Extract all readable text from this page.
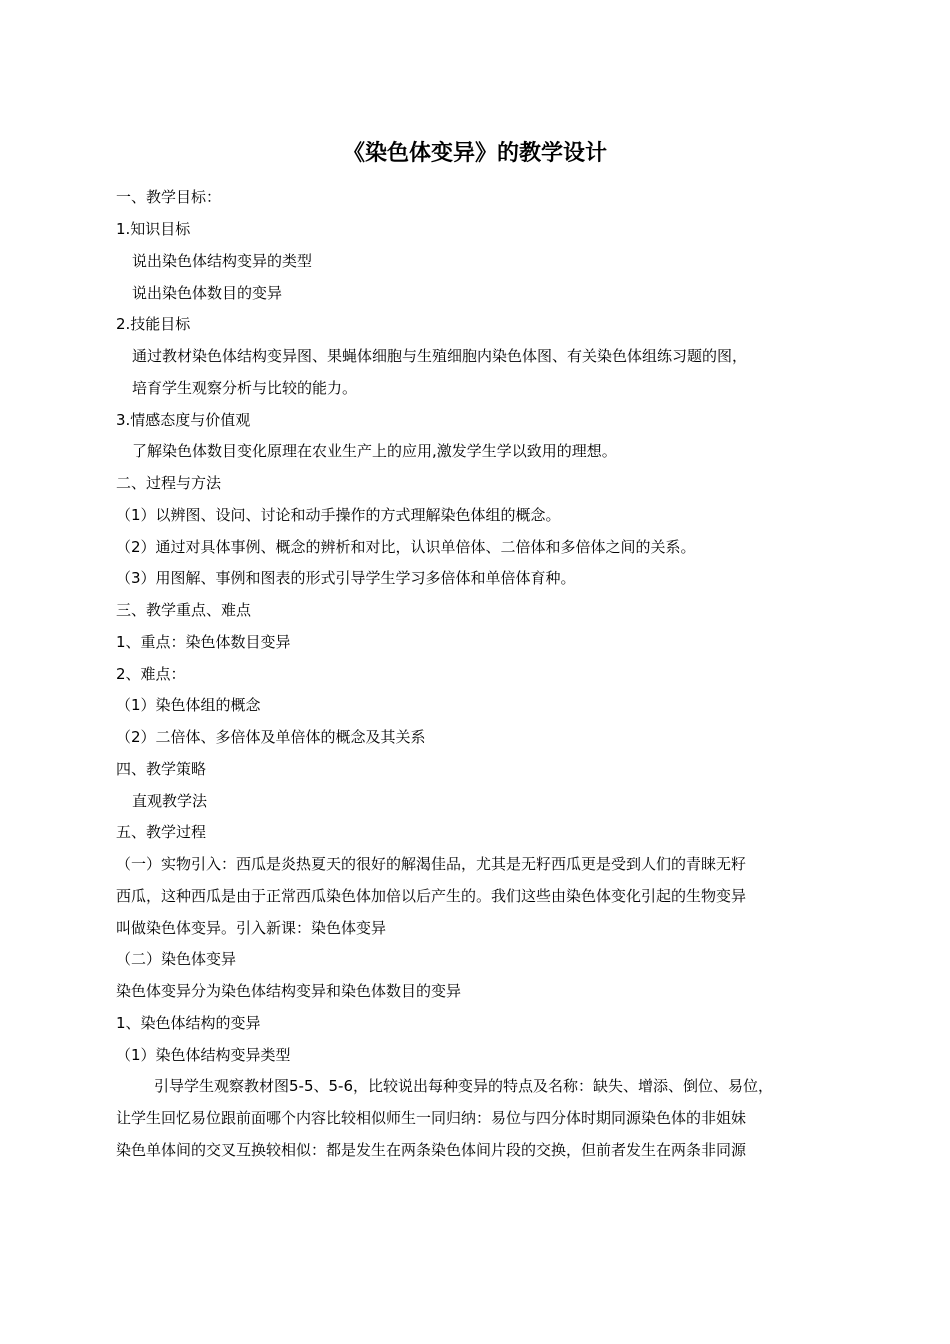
《染色体变异》的教学设计
一、教学目标：
1.知识目标
说出染色体结构变异的类型
说出染色体数目的变异
2.技能目标
通过教材染色体结构变异图、果蝇体细胞与生殖细胞内染色体图、有关染色体组练习题的图，
培育学生观察分析与比较的能力。
3.情感态度与价值观
了解染色体数目变化原理在农业生产上的应用,激发学生学以致用的理想。
二、过程与方法
（1）以辨图、设问、讨论和动手操作的方式理解染色体组的概念。
（2）通过对具体事例、概念的辨析和对比，认识单倍体、二倍体和多倍体之间的关系。
（3）用图解、事例和图表的形式引导学生学习多倍体和单倍体育种。
三、教学重点、难点
1、重点：染色体数目变异
2、难点：
（1）染色体组的概念
（2）二倍体、多倍体及单倍体的概念及其关系
四、教学策略
直观教学法
五、教学过程
（一）实物引入：西瓜是炎热夏天的很好的解渴佳品，尤其是无籽西瓜更是受到人们的青睐无籽
西瓜，这种西瓜是由于正常西瓜染色体加倍以后产生的。我们这些由染色体变化引起的生物变异
叫做染色体变异。引入新课：染色体变异
（二）染色体变异
染色体变异分为染色体结构变异和染色体数目的变异
1、染色体结构的变异
（1）染色体结构变异类型
引导学生观察教材图5-5、5-6，比较说出每种变异的特点及名称：缺失、增添、倒位、易位，
让学生回忆易位跟前面哪个内容比较相似师生一同归纳：易位与四分体时期同源染色体的非姐妹
染色单体间的交叉互换较相似：都是发生在两条染色体间片段的交换，但前者发生在两条非同源
